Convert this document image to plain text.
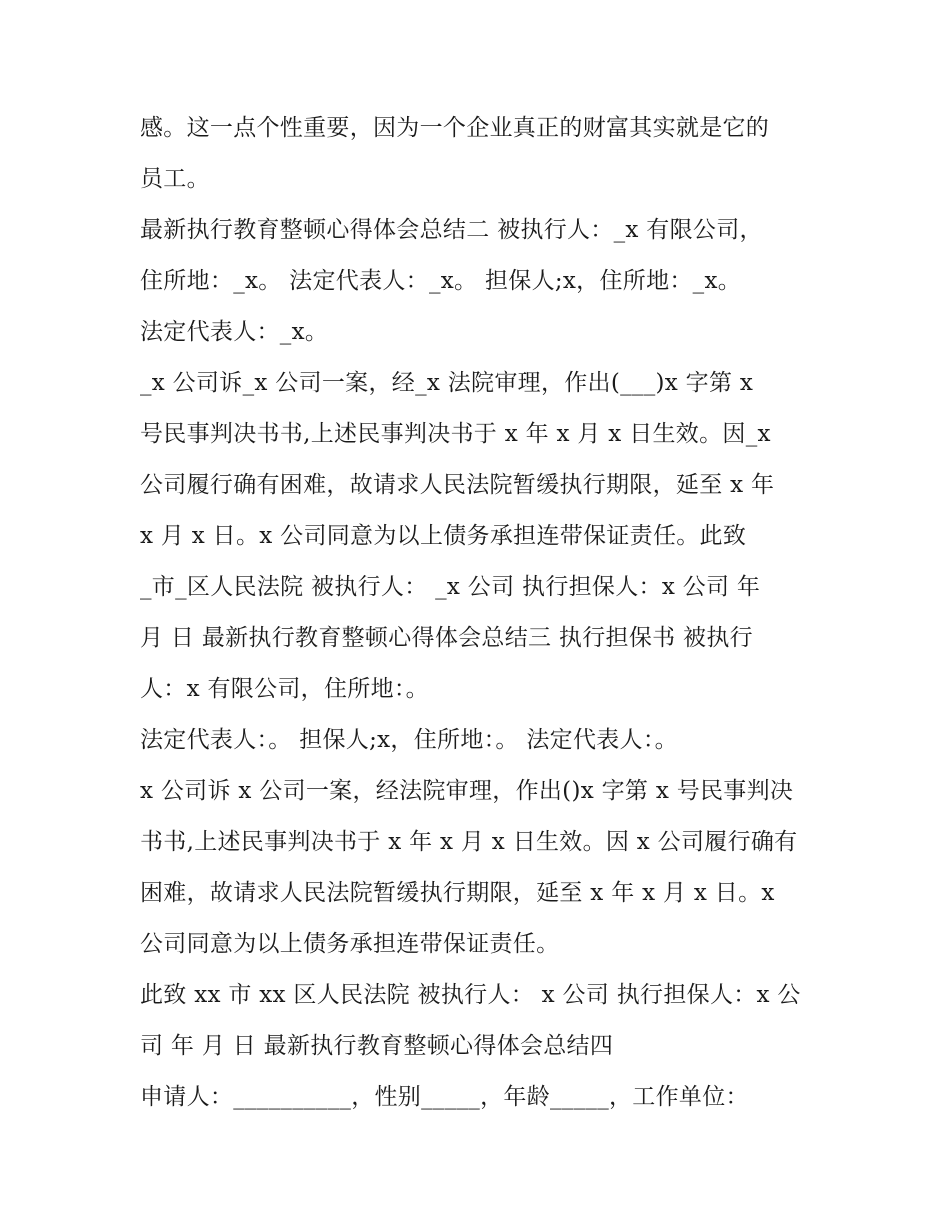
感。这一点个性重要，因为一个企业真正的财富其实就是它的
员工。
最新执行教育整顿心得体会总结二 被执行人：_x 有限公司，
住所地：_x。 法定代表人：_x。 担保人;x，住所地：_x。
法定代表人：_x。
_x 公司诉_x 公司一案，经_x 法院审理，作出(___)x 字第 x
号民事判决书书,上述民事判决书于 x 年 x 月 x 日生效。因_x
公司履行确有困难，故请求人民法院暂缓执行期限，延至 x 年
x 月 x 日。x 公司同意为以上债务承担连带保证责任。此致
_市_区人民法院 被执行人： _x 公司 执行担保人：x 公司 年
月 日 最新执行教育整顿心得体会总结三 执行担保书 被执行
人：x 有限公司，住所地：。
法定代表人：。 担保人;x，住所地：。 法定代表人：。
x 公司诉 x 公司一案，经法院审理，作出()x 字第 x 号民事判决
书书,上述民事判决书于 x 年 x 月 x 日生效。因 x 公司履行确有
困难，故请求人民法院暂缓执行期限，延至 x 年 x 月 x 日。x
公司同意为以上债务承担连带保证责任。
此致 xx 市 xx 区人民法院 被执行人： x 公司 执行担保人：x 公
司 年 月 日 最新执行教育整顿心得体会总结四
申请人：__________，性别_____，年龄_____，工作单位：
